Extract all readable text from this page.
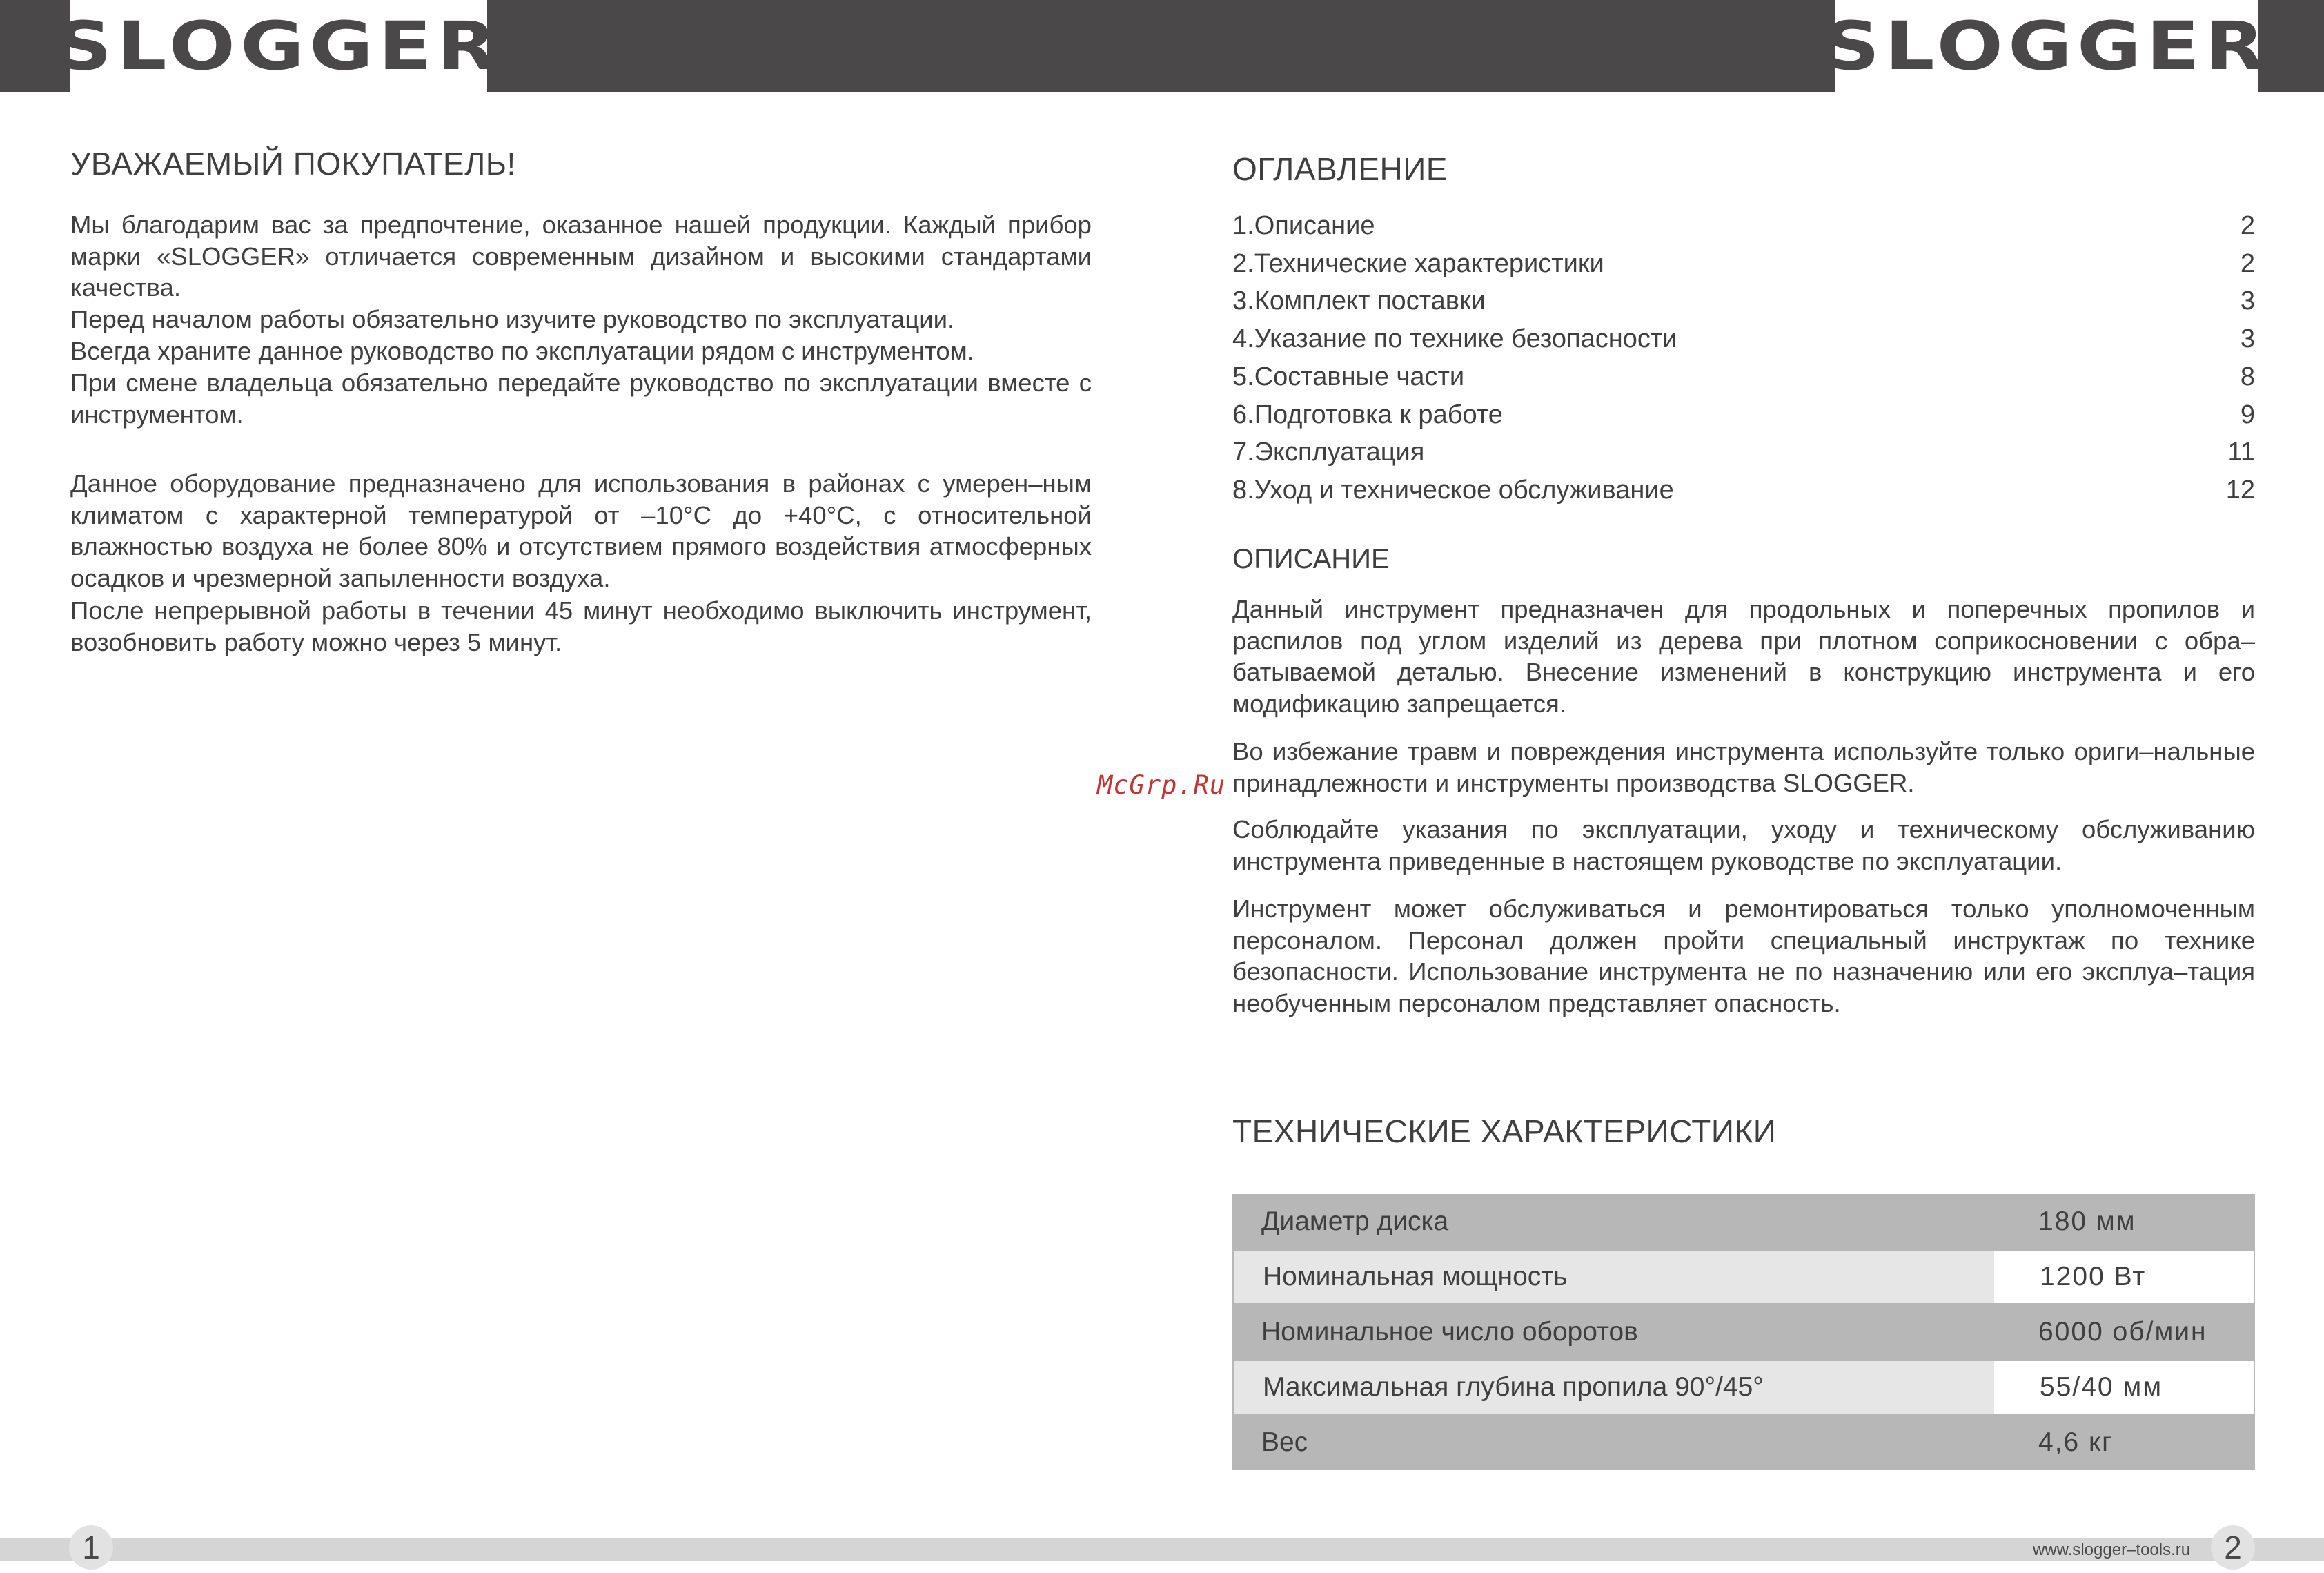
SLOGGER	SLOGGER
УВАЖАЕМЫЙ ПОКУПАТЕЛЬ!

Мы благодарим вас за предпочтение, оказанное нашей продукции. Каждый прибор марки «SLOGGER» отличается современным дизайном и высокими стандартами качества.

Перед началом работы обязательно изучите руководство по эксплуатации.

Всегда храните данное руководство по эксплуатации рядом с инструментом.

При смене владельца обязательно передайте руководство по эксплуатации вместе с инструментом.

Данное оборудование предназначено для использования в районах с умерен–ным климатом с характерной температурой от –10°С до +40°С, с относительной влажностью воздуха не более 80% и отсутствием прямого воздействия атмосферных осадков и чрезмерной запыленности воздуха.

После непрерывной работы в течении 45 минут необходимо выключить инструмент, возобновить работу можно через 5 минут.

ОГЛАВЛЕНИЕ
1.Описание	2
2.Технические характеристики	2
3.Комплект поставки	3
4.Указание по технике безопасности	3
5.Составные части	8
6.Подготовка к работе	9
7.Эксплуатация	11
8.Уход и техническое обслуживание	12
ОПИСАНИЕ

Данный инструмент предназначен для продольных и поперечных пропилов и распилов под углом изделий из дерева при плотном соприкосновении с обра–батываемой деталью. Внесение изменений в конструкцию инструмента и его модификацию запрещается.

Во избежание травм и повреждения инструмента используйте только ориги–нальные принадлежности и инструменты производства SLOGGER.

Соблюдайте указания по эксплуатации, уходу и техническому обслуживанию инструмента приведенные в настоящем руководстве по эксплуатации.

Инструмент может обслуживаться и ремонтироваться только уполномоченным персоналом. Персонал должен пройти специальный инструктаж по технике безопасности. Использование инструмента не по назначению или его эксплуа–тация необученным персоналом представляет опасность.

McGrp.Ru
ТЕХНИЧЕСКИЕ ХАРАКТЕРИСТИКИ
Диаметр диска	180 мм
Номинальная мощность	1200 Вт
Номинальное число оборотов	6000 об/мин
Максимальная глубина пропила 90°/45°	55/40 мм
Вес	4,6 кг
1	www.slogger–tools.ru	2
